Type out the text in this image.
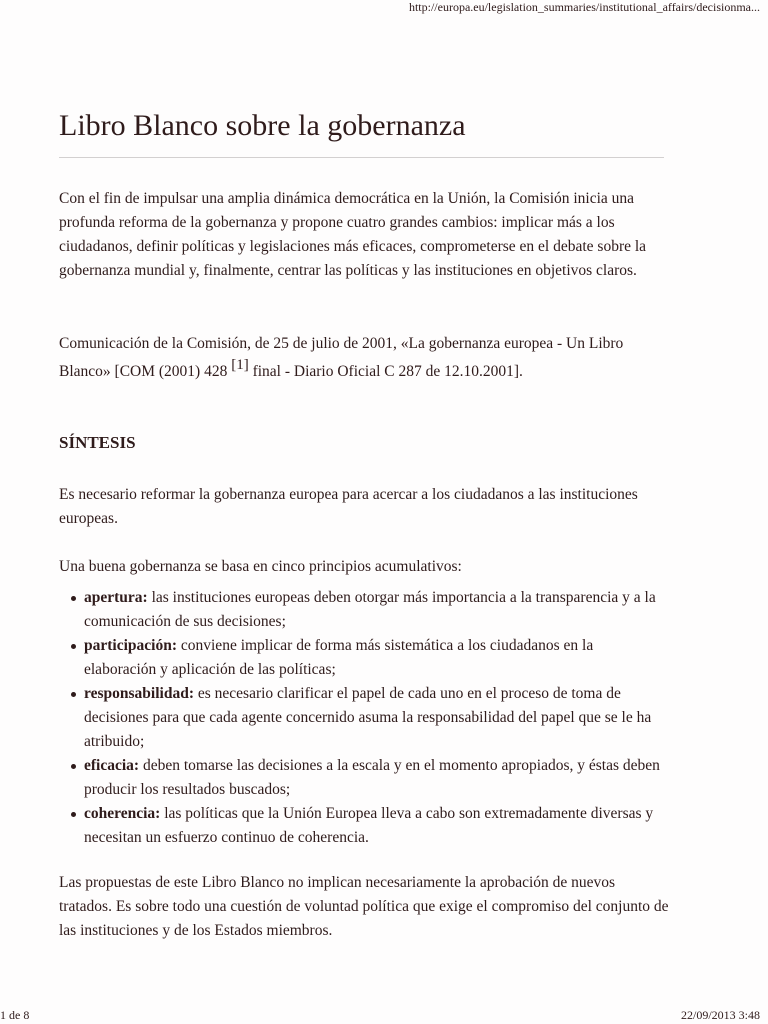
http://europa.eu/legislation_summaries/institutional_affairs/decisionma...
Libro Blanco sobre la gobernanza

Con el fin de impulsar una amplia dinámica democrática en la Unión, la Comisión inicia una profunda reforma de la gobernanza y propone cuatro grandes cambios: implicar más a los ciudadanos, definir políticas y legislaciones más eficaces, comprometerse en el debate sobre la gobernanza mundial y, finalmente, centrar las políticas y las instituciones en objetivos claros.

Comunicación de la Comisión, de 25 de julio de 2001, «La gobernanza europea - Un Libro Blanco» [COM (2001) 428 [1] final - Diario Oficial C 287 de 12.10.2001].

SÍNTESIS

Es necesario reformar la gobernanza europea para acercar a los ciudadanos a las instituciones europeas.

Una buena gobernanza se basa en cinco principios acumulativos:

apertura: las instituciones europeas deben otorgar más importancia a la transparencia y a la comunicación de sus decisiones;
participación: conviene implicar de forma más sistemática a los ciudadanos en la elaboración y aplicación de las políticas;
responsabilidad: es necesario clarificar el papel de cada uno en el proceso de toma de decisiones para que cada agente concernido asuma la responsabilidad del papel que se le ha atribuido;
eficacia: deben tomarse las decisiones a la escala y en el momento apropiados, y éstas deben producir los resultados buscados;
coherencia: las políticas que la Unión Europea lleva a cabo son extremadamente diversas y necesitan un esfuerzo continuo de coherencia.

Las propuestas de este Libro Blanco no implican necesariamente la aprobación de nuevos tratados. Es sobre todo una cuestión de voluntad política que exige el compromiso del conjunto de las instituciones y de los Estados miembros.

1 de 8	22/09/2013 3:48
